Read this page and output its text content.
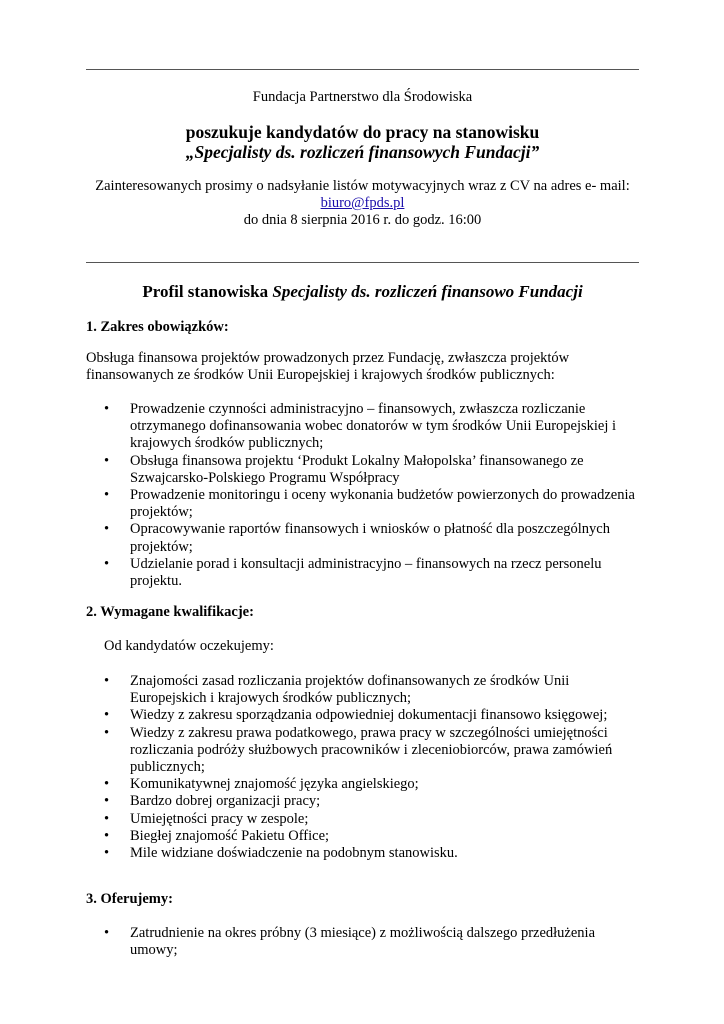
Fundacja Partnerstwo dla Środowiska
poszukuje kandydatów do pracy na stanowisku
„Specjalisty ds. rozliczeń finansowych Fundacji”
Zainteresowanych prosimy o nadsyłanie listów motywacyjnych wraz z CV na adres e- mail:
biuro@fpds.pl
do dnia 8 sierpnia 2016 r. do godz. 16:00
Profil stanowiska Specjalisty ds. rozliczeń finansowo Fundacji
1. Zakres obowiązków:
Obsługa finansowa projektów prowadzonych przez Fundację, zwłaszcza projektów
finansowanych ze środków Unii Europejskiej i krajowych środków publicznych:
•	Prowadzenie czynności administracyjno – finansowych, zwłaszcza rozliczanie otrzymanego dofinansowania wobec donatorów w tym środków Unii Europejskiej i krajowych środków publicznych;
•	Obsługa finansowa projektu ‘Produkt Lokalny Małopolska’ finansowanego ze Szwajcarsko-Polskiego Programu Współpracy
•	Prowadzenie monitoringu i oceny wykonania budżetów powierzonych do prowadzenia projektów;
•	Opracowywanie raportów finansowych i wniosków o płatność dla poszczególnych projektów;
•	Udzielanie porad i konsultacji administracyjno – finansowych na rzecz personelu projektu.
2. Wymagane kwalifikacje:
Od kandydatów oczekujemy:
•	Znajomości zasad rozliczania projektów dofinansowanych ze środków Unii Europejskich i krajowych środków publicznych;
•	Wiedzy z zakresu sporządzania odpowiedniej dokumentacji finansowo księgowej;
•	Wiedzy z zakresu prawa podatkowego, prawa pracy w szczególności umiejętności rozliczania podróży służbowych pracowników i zleceniobiorców, prawa zamówień publicznych;
•	Komunikatywnej znajomość języka angielskiego;
•	Bardzo dobrej organizacji pracy;
•	Umiejętności pracy w zespole;
•	Biegłej znajomość Pakietu Office;
•	Mile widziane doświadczenie na podobnym stanowisku.
3. Oferujemy:
•	Zatrudnienie na okres próbny (3 miesiące) z możliwością dalszego przedłużenia umowy;
